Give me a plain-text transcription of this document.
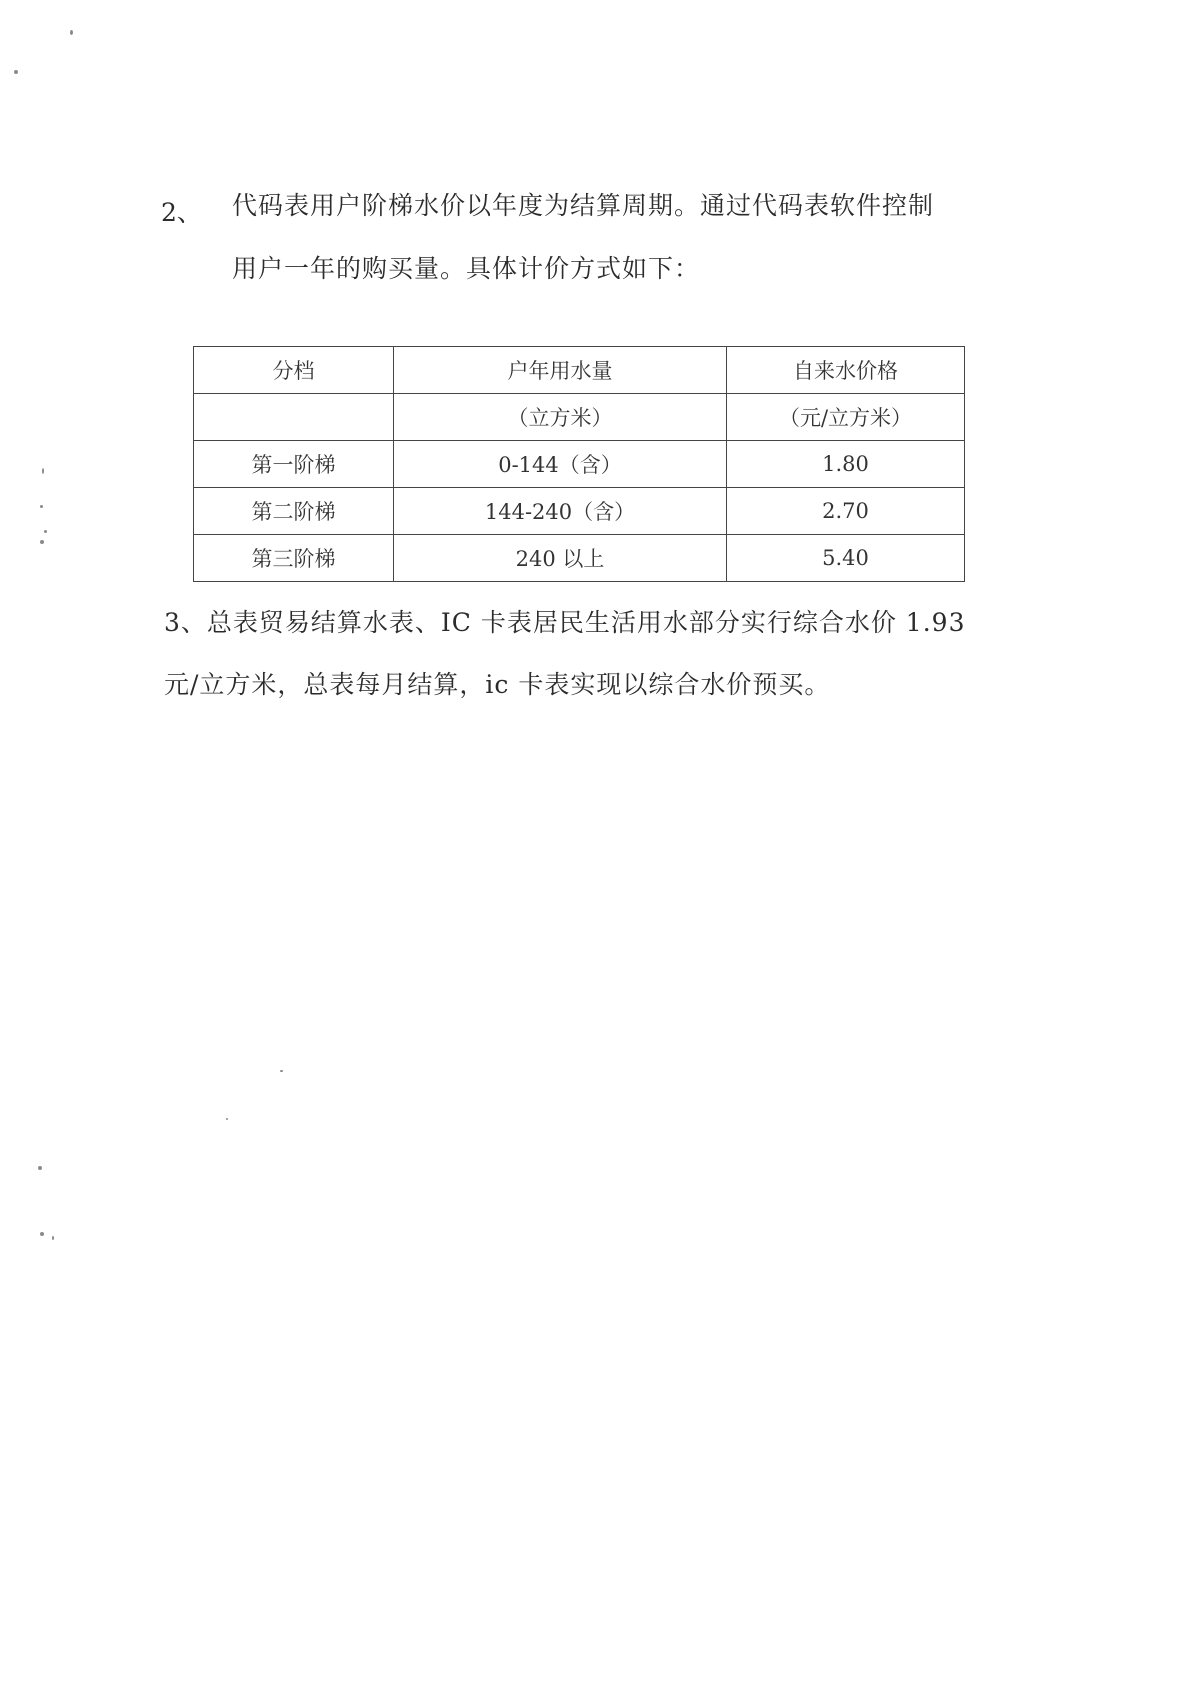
2、 代码表用户阶梯水价以年度为结算周期。通过代码表软件控制
用户一年的购买量。具体计价方式如下：
分档	户年用水量	自来水价格
	（立方米）	（元/立方米）
第一阶梯	0-144（含）	1.80
第二阶梯	144-240（含）	2.70
第三阶梯	240 以上	5.40
3、总表贸易结算水表、IC 卡表居民生活用水部分实行综合水价 1.93
元/立方米，总表每月结算，ic 卡表实现以综合水价预买。
